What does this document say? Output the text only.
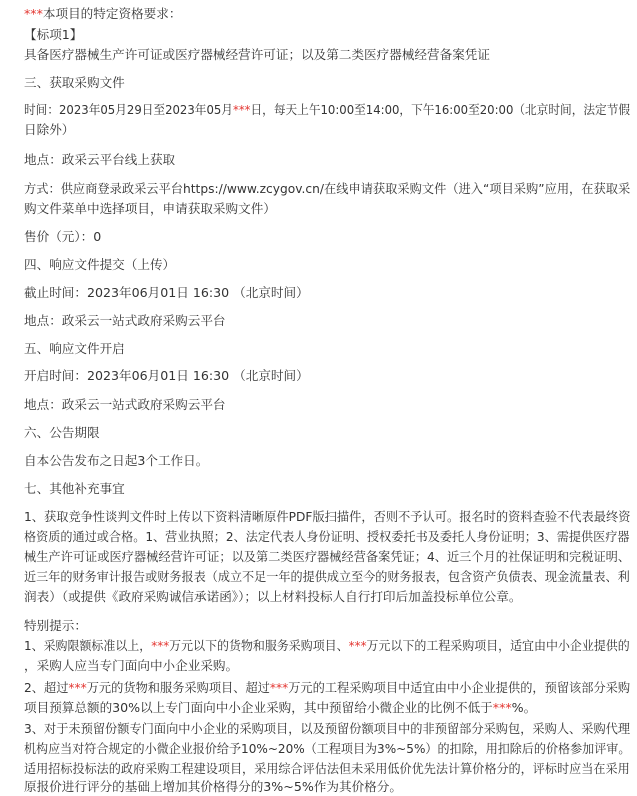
***本项目的特定资格要求：

【标项1】

具备医疗器械生产许可证或医疗器械经营许可证；以及第二类医疗器械经营备案凭证

三、获取采购文件

时间：2023年05月29日至2023年05月***日，每天上午10:00至14:00，下午16:00至20:00（北京时间，法定节假

日除外）

地点：政采云平台线上获取

方式：供应商登录政采云平台https://www.zcygov.cn/在线申请获取采购文件（进入“项目采购”应用，在获取采

购文件菜单中选择项目，申请获取采购文件）

售价（元）：0

四、响应文件提交（上传）

截止时间：2023年06月01日 16:30 （北京时间）

地点：政采云一站式政府采购云平台

五、响应文件开启

开启时间：2023年06月01日 16:30 （北京时间）

地点：政采云一站式政府采购云平台

六、公告期限

自本公告发布之日起3个工作日。

七、其他补充事宜

1、获取竞争性谈判文件时上传以下资料清晰原件PDF版扫描件，否则不予认可。报名时的资料查验不代表最终资

格资质的通过或合格。1、营业执照；2、法定代表人身份证明、授权委托书及委托人身份证明；3、需提供医疗器

械生产许可证或医疗器械经营许可证；以及第二类医疗器械经营备案凭证；4、近三个月的社保证明和完税证明、

近三年的财务审计报告或财务报表（成立不足一年的提供成立至今的财务报表，包含资产负债表、现金流量表、利

润表）（或提供《政府采购诚信承诺函》）；以上材料投标人自行打印后加盖投标单位公章。

特别提示：

1、采购限额标准以上，***万元以下的货物和服务采购项目、***万元以下的工程采购项目，适宜由中小企业提供的

，采购人应当专门面向中小企业采购。

2、超过***万元的货物和服务采购项目、超过***万元的工程采购项目中适宜由中小企业提供的，预留该部分采购

项目预算总额的30%以上专门面向中小企业采购，其中预留给小微企业的比例不低于***%。

3、对于未预留份额专门面向中小企业的采购项目，以及预留份额项目中的非预留部分采购包，采购人、采购代理

机构应当对符合规定的小微企业报价给予10%~20%（工程项目为3%~5%）的扣除，用扣除后的价格参加评审。

适用招标投标法的政府采购工程建设项目，采用综合评估法但未采用低价优先法计算价格分的，评标时应当在采用

原报价进行评分的基础上增加其价格得分的3%~5%作为其价格分。
